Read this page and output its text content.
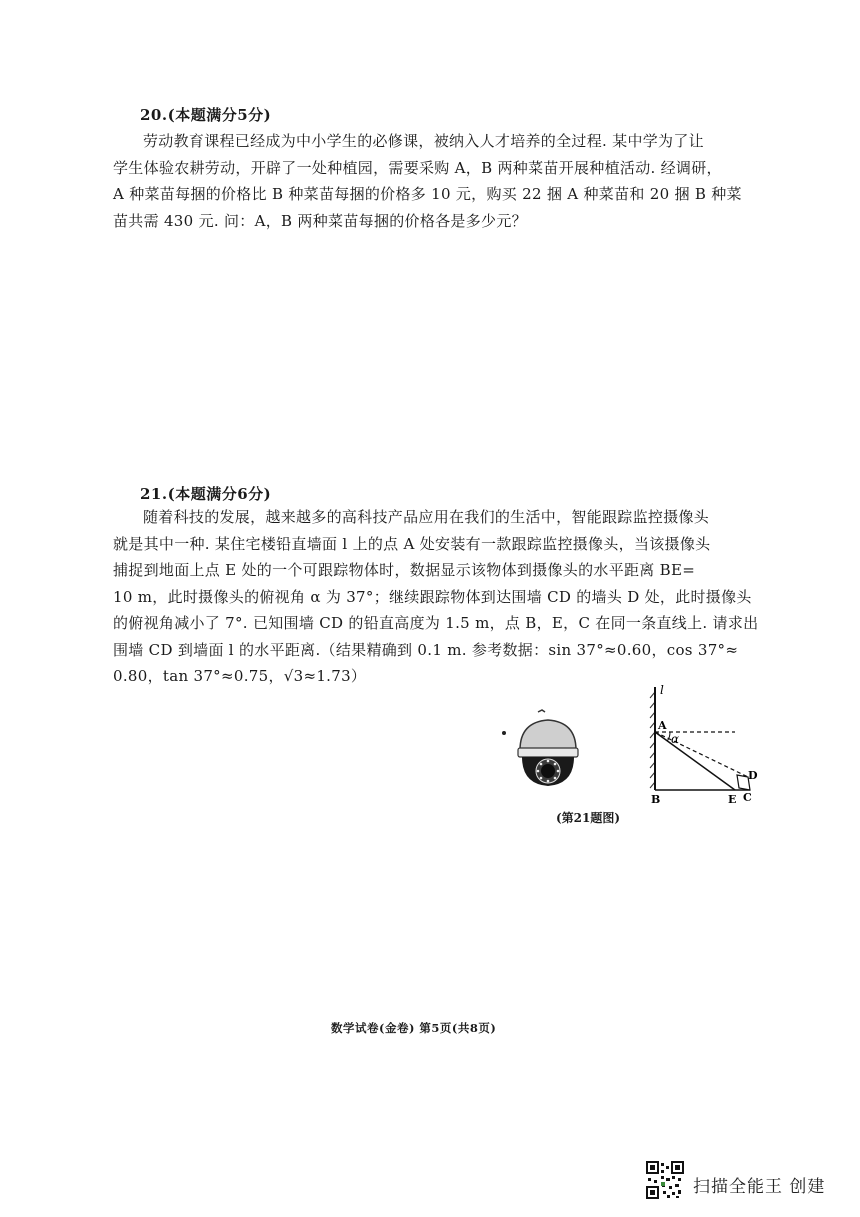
20.(本题满分5分)
劳动教育课程已经成为中小学生的必修课，被纳入人才培养的全过程. 某中学为了让
学生体验农耕劳动，开辟了一处种植园，需要采购 A，B 两种菜苗开展种植活动. 经调研，
A 种菜苗每捆的价格比 B 种菜苗每捆的价格多 10 元，购买 22 捆 A 种菜苗和 20 捆 B 种菜
苗共需 430 元. 问：A，B 两种菜苗每捆的价格各是多少元？
21.(本题满分6分)
随着科技的发展，越来越多的高科技产品应用在我们的生活中，智能跟踪监控摄像头
就是其中一种. 某住宅楼铅直墙面 l 上的点 A 处安装有一款跟踪监控摄像头，当该摄像头
捕捉到地面上点 E 处的一个可跟踪物体时，数据显示该物体到摄像头的水平距离 BE=
10 m，此时摄像头的俯视角 α 为 37°；继续跟踪物体到达围墙 CD 的墙头 D 处，此时摄像头
的俯视角减小了 7°. 已知围墙 CD 的铅直高度为 1.5 m，点 B，E，C 在同一条直线上. 请求出
围墙 CD 到墙面 l 的水平距离.（结果精确到 0.1 m. 参考数据：sin 37°≈0.60，cos 37°≈
0.80，tan 37°≈0.75，√3≈1.73）
l
A
α
B	E C
D
(第21题图)
数学试卷(金卷) 第5页(共8页)
扫描全能王 创建
